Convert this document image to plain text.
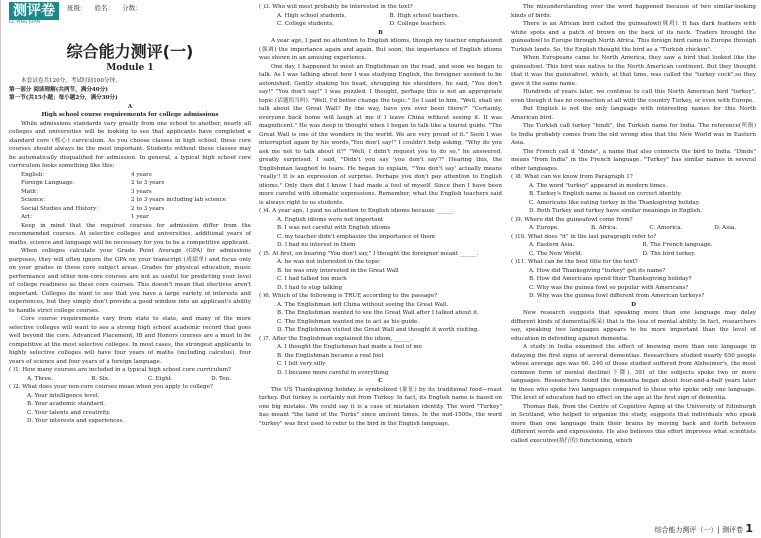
测评卷
CE PING JUAN
班级： 姓名： 分数：
综合能力测评(一)
Module 1

本套试卷共120分，考试时间100分钟。

第一部分 阅读理解(共两节，满分40分)

第一节(共15小题；每小题2分，满分30分)

A
High school course requirements for college admissions

While admissions standards vary greatly from one school to another, nearly all colleges and universities will be looking to see that applicants have completed a standard core (核心) curriculum. As you choose classes in high school, these core courses should always be the most important. Students without these classes may be automatically disqualified for admission. In general, a typical high school core curriculum looks something like this:

English：	4 years
Foreign Language：	2 to 3 years
Math：	3 years
Science：	2 to 3 years including lab science
Social Studies and History：	2 to 3 years
Art：	1 year

Keep in mind that the required courses for admission differ from the recommended courses. At selective colleges and universities, additional years of maths, science and language will be necessary for you to be a competitive applicant.

When colleges calculate your Grade Point Average (GPA) for admissions purposes, they will often ignore the GPA on your transcript (成绩单) and focus only on your grades in these core subject areas. Grades for physical education, music performance and other non-core courses are not as useful for predicting your level of college readiness as these core courses. This doesn't mean that electives aren't important. Colleges do want to see that you have a large variety of interests and experiences, but they simply don't provide a good window into an applicant's ability to handle strict college courses.

Core course requirements vary from state to state, and many of the more selective colleges will want to see a strong high school academic record that goes well beyond the core. Advanced Placement, IB and Honors courses are a must to be competitive at the most selective colleges. In most cases, the strongest applicants to highly selective colleges will have four years of maths (including calculus), four years of science and four years of a foreign language.

( )1. How many courses are included in a typical high school core curriculum?

A. Three.	B. Six.	C. Eight.	D. Ten.

( )2. What does your non-core courses mean when you apply to college?

A. Your intelligence level.

B. Your academic standard.

C. Your talents and creativity.

D. Your interests and experiences.

( )3. Who will most probably be interested in the text?

A. High school students.	B. High school teachers.
C. College students.	D. College teachers.
B

A year ago, I paid no attention to English idioms, though my teacher emphasized (强调) the importance again and again. But soon, the importance of English idioms was shown in an amusing experience.

One day, I happened to meet an Englishman on the road, and soon we began to talk. As I was talking about how I was studying English, the foreigner seemed to be astonished. Gently shaking his head, shrugging his shoulders, he said, "You don't say!" "You don't say!" I was puzzled. I thought, perhaps this is not an appropriate topic (话题恰当吗). "Well, I'd better change the topic." So I said to him, "Well, shall we talk about the Great Wall? By the way, have you ever been there?" "Certainly, everyone back home will laugh at me if I leave China without seeing it. It was magnificent." He was deep in thought when I began to talk like a tourist guide. "The Great Wall is one of the wonders in the world. We are very proud of it." Soon I was interrupted again by his words,"You don't say!" I couldn't help asking, "Why do you ask me not to talk about it?" "Well, I didn't request you to do so," he answered, greatly surprised. I said, "Didn't you say 'you don't say'?" Hearing this, the Englishman laughed to tears. He began to explain, "'You don't say' actually means 'really'! It is an expression of surprise. Perhaps you don't pay attention to English idioms." Only then did I know I had made a fool of myself. Since then I have been more careful with idiomatic expressions. Remember, what the English teachers said is always right to us students.

( )4. A year ago, I paid no attention to English idioms because ______.

A. English idioms were not important

B. I was not careful with English idioms

C. my teacher didn't emphasize the importance of them

D. I had no interest in them

( )5. At first, on hearing "You don't say," I thought the foreigner meant ______.

A. he was not interested in the topic

B. he was only interested in the Great Wall

C. I had talked too much

D. I had to stop talking

( )6. Which of the following is TRUE according to the passage?

A. The Englishman left China without seeing the Great Wall.

B. The Englishman wanted to see the Great Wall after I talked about it.

C. The Englishman wanted me to act as his guide.

D. The Englishman visited the Great Wall and thought it worth visiting.

( )7. After the Englishman explained the idiom, ______.

A. I thought the Englishman had made a fool of me

B. the Englishman became a real fool

C. I felt very silly

D. I became more careful in everything

C

The US Thanksgiving holiday is symbolized (象征) by its traditional food—roast turkey. But turkey is certainly not from Turkey. In fact, its English name is based on one big mistake. We could say it is a case of mistaken identity. The word "Turkey" has meant "the land of the Turks" since ancient times. In the mid-1500s, the word "turkey" was first used to refer to the bird in the English language.

The misunderstanding over the word happened because of two similar-looking kinds of birds.

There is an African bird called the guineafowl(珠鸡). It has dark feathers with white spots and a patch of brown on the back of its neck. Traders brought the guineafowl to Europe through North Africa. This foreign bird came to Europe through Turkish lands. So, the English thought the bird as a "Turkish chicken".

When Europeans came to North America, they saw a bird that looked like the guineafowl. This bird was native to the North American continent. But they thought that it was the guineafowl, which, at that time, was called the "turkey cock",so they gave it the same name.

Hundreds of years later, we continue to call this North American bird "turkey", even though it has no connection at all with the country Turkey, or even with Europe.

But English is not the only language with interesting names for this North American bird.

The Turkish call turkey "hindi", the Turkish name for India. The reference(所指) to India probably comes from the old wrong idea that the New World was in Eastern Asia.

The French call it "dinde", a name that also connects the bird to India. "Dinde" means "from India" in the French language. "Turkey" has similar names in several other languages.

( )8. What can we know from Paragraph 1?

A. The word "turkey" appeared in modern times.

B. Turkey's English name is based on correct identity.

C. Americans like eating turkey in the Thanksgiving holiday.

D. Both Turkey and turkey have similar meanings in English.

( )9. Where did the guineafowl come from?

A. Europe.	B. Africa.	C. America.	D. Asia.

( )10. What does "it" in the last paragraph refer to?

A. Eastern Asia.	B. The French language.
C. The New World.	D. The bird turkey.

( )11. What can be the best title for the text?

A. How did Thanksgiving "turkey" get its name?

B. How did Americans spend their Thanksgiving holiday?

C. Why was the guinea fowl so popular with Americans?

D. Why was the guinea fowl different from American turkeys?

D

New research suggests that speaking more than one language may delay different kinds of dementia(痴呆) that is the loss of mental ability. In fact, researchers say, speaking two languages appears to be more important than the level of education in defending against dementia.

A study in India examined the effect of knowing more than one language in delaying the first signs of several dementias. Researchers studied nearly 650 people whose average age was 66. 240 of those studied suffered from Alzheimer's, the most common form of mental decline(下降). 391 of the subjects spoke two or more languages. Researchers found the dementia began about four-and-a-half years later in those who spoke two languages compared to those who spoke only one language. The level of education had no effect on the age at the first sign of dementia.

Thomas Bak, from the Centre of Cognitive Aging at the University of Edinburgh in Scotland, who helped to organize the study, suggests that individuals who speak more than one language train their brains by moving back and forth between different words and expressions. He also believes this effort improves what scientists called executive(执行的) functioning, which

综合能力测评（一）| 测评卷 1
